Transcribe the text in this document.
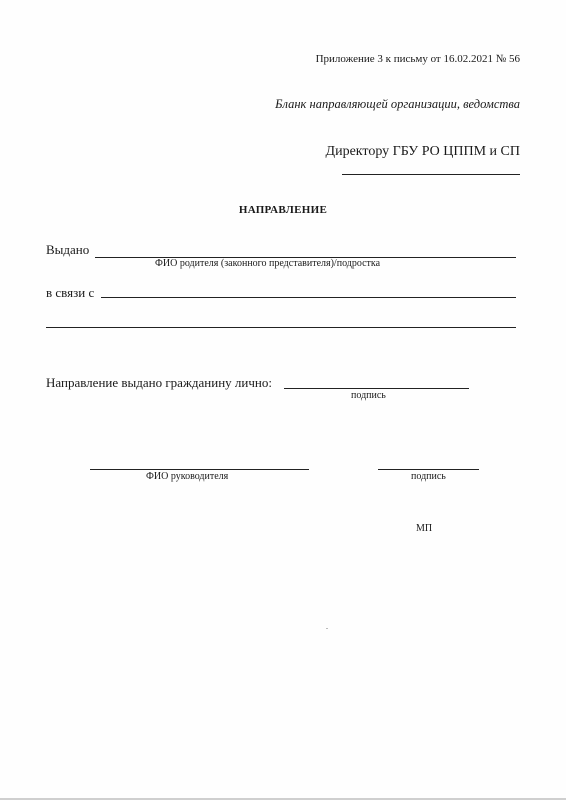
Приложение 3 к письму от 16.02.2021 № 56
Бланк направляющей организации, ведомства
Директору ГБУ РО ЦППМ и СП
НАПРАВЛЕНИЕ
Выдано
ФИО родителя (законного представителя)/подростка
в связи с
Направление выдано гражданину лично:
подпись
ФИО руководителя	подпись
МП
